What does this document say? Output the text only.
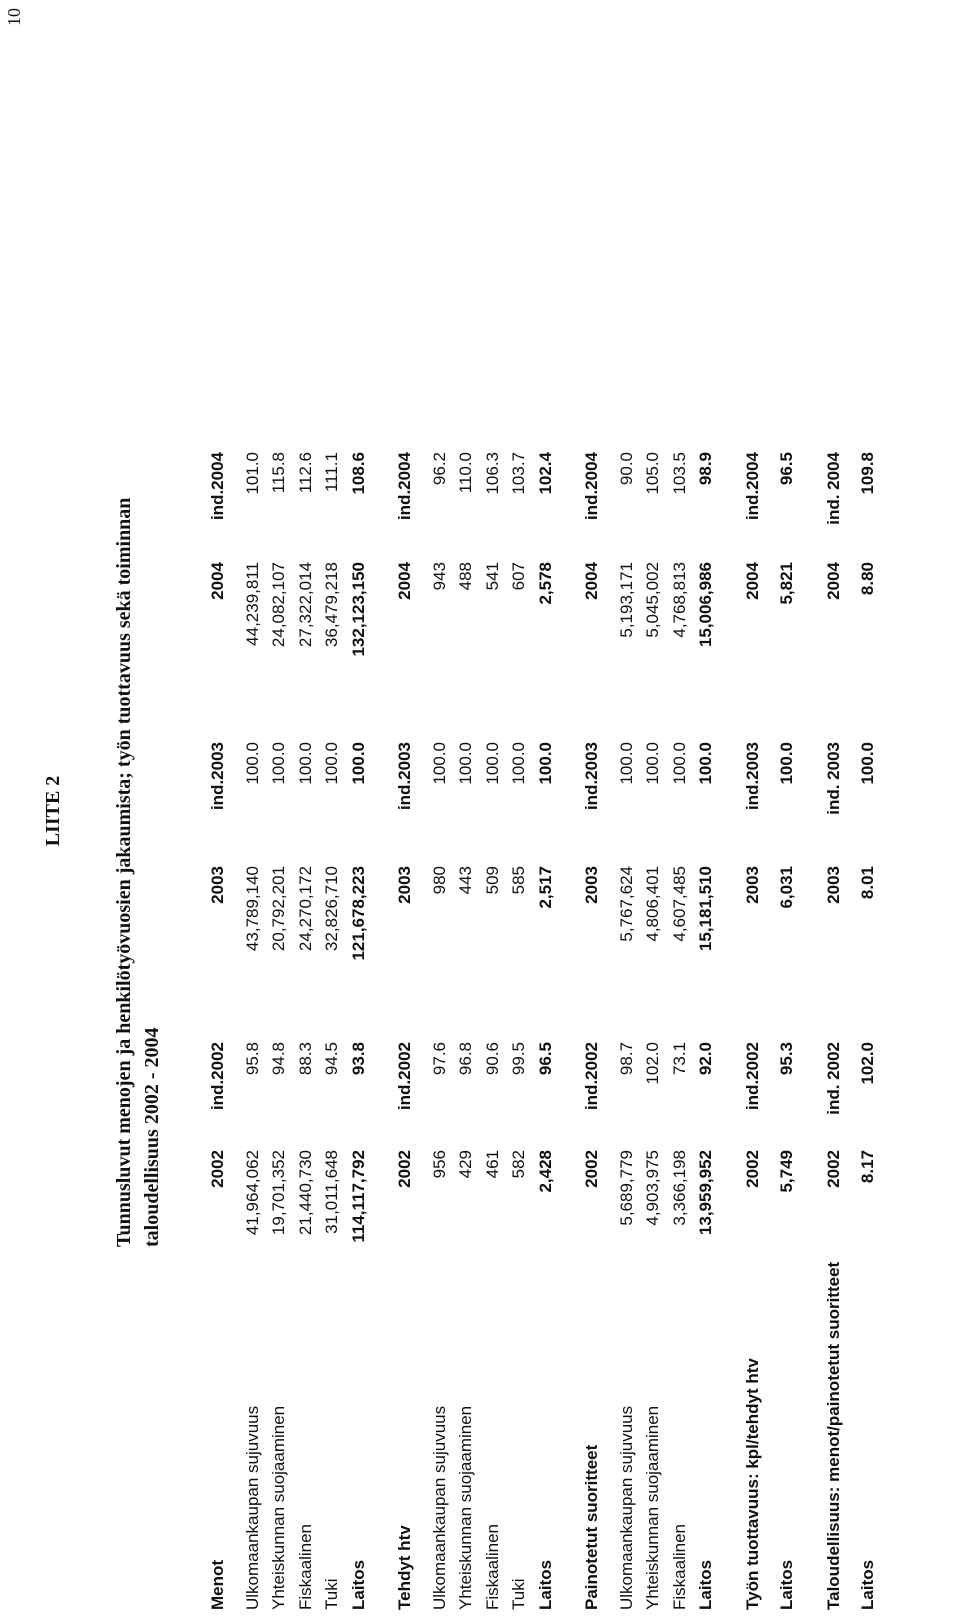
10
LIITE 2 Tunnusluvut menojen ja henkilötyövuosien jakaumista; työn tuottavuus sekä toiminnan taloudellisuus 2002 - 2004
Menot
2002
ind.2002
2003
ind.2003
2004
ind.2004
Ulkomaankaupan sujuvuus
41,964,062
95.8
43,789,140
100.0
44,239,811
101.0
Yhteiskunnan suojaaminen
19,701,352
94.8
20,792,201
100.0
24,082,107
115.8
Fiskaalinen
21,440,730
88.3
24,270,172
100.0
27,322,014
112.6
Tuki
31,011,648
94.5
32,826,710
100.0
36,479,218
111.1
Laitos
114,117,792
93.8
121,678,223
100.0
132,123,150
108.6
Tehdyt htv
2002
ind.2002
2003
ind.2003
2004
ind.2004
Ulkomaankaupan sujuvuus
956
97.6
980
100.0
943
96.2
Yhteiskunnan suojaaminen
429
96.8
443
100.0
488
110.0
Fiskaalinen
461
90.6
509
100.0
541
106.3
Tuki
582
99.5
585
100.0
607
103.7
Laitos
2,428
96.5
2,517
100.0
2,578
102.4
Painotetut suoritteet
2002
ind.2002
2003
ind.2003
2004
ind.2004
Ulkomaankaupan sujuvuus
5,689,779
98.7
5,767,624
100.0
5,193,171
90.0
Yhteiskunnan suojaaminen
4,903,975
102.0
4,806,401
100.0
5,045,002
105.0
Fiskaalinen
3,366,198
73.1
4,607,485
100.0
4,768,813
103.5
Laitos
13,959,952
92.0
15,181,510
100.0
15,006,986
98.9
Työn tuottavuus: kpl/tehdyt htv
2002
ind.2002
2003
ind.2003
2004
ind.2004
Laitos
5,749
95.3
6,031
100.0
5,821
96.5
Taloudellisuus: menot/painotetut suoritteet
2002
ind. 2002
2003
ind. 2003
2004
ind. 2004
Laitos
8.17
102.0
8.01
100.0
8.80
109.8
